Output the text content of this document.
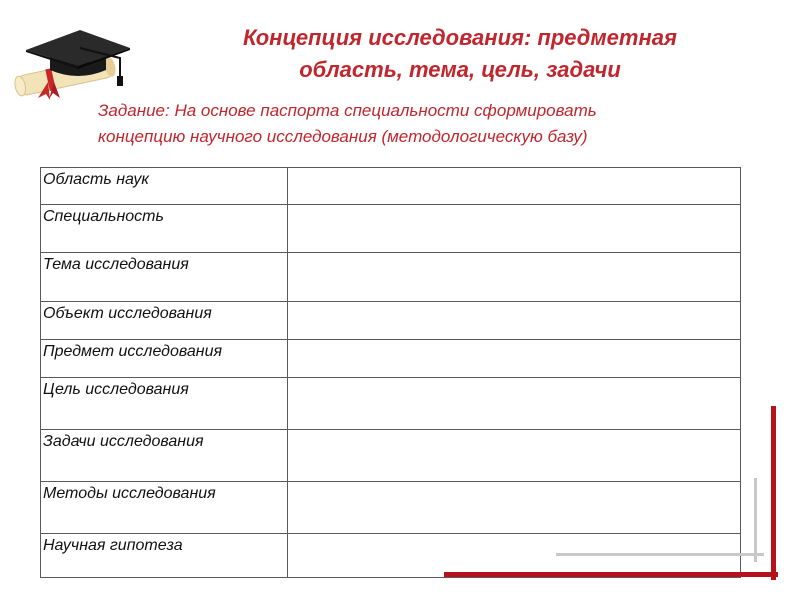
Концепция исследования: предметная
область, тема, цель, задачи
Задание: На основе паспорта специальности сформировать
концепцию научного исследования (методологическую базу)
Область наук	
Специальность	
Тема исследования	
Объект исследования	
Предмет исследования	
Цель исследования	
Задачи исследования	
Методы исследования	
Научная гипотеза	
